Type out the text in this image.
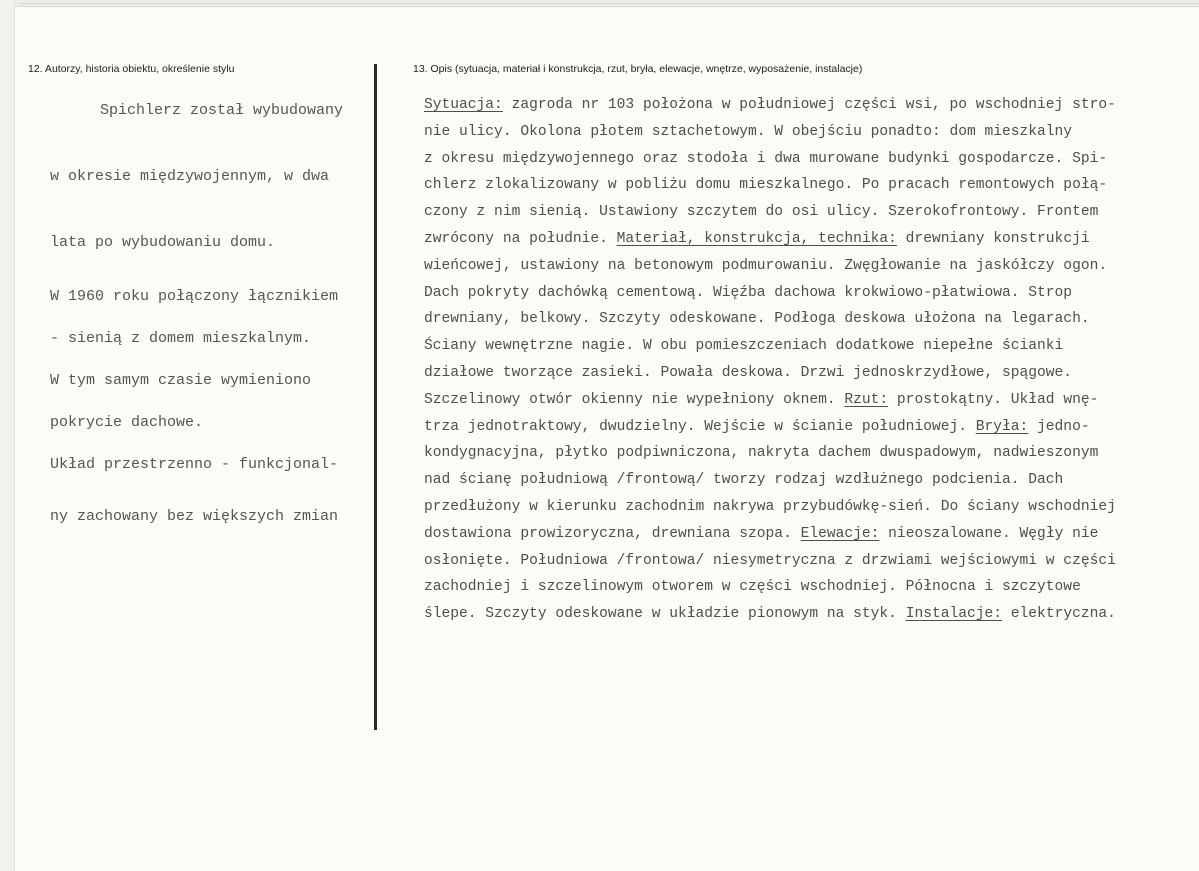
12. Autorzy, historia obiektu, określenie stylu	13. Opis (sytuacja, materiał i konstrukcja, rzut, bryła, elewacje, wnętrze, wyposażenie, instalacje)
Spichlerz został wybudowany
w okresie międzywojennym, w dwa
lata po wybudowaniu domu.
W 1960 roku połączony łącznikiem
- sienią z domem mieszkalnym.
W tym samym czasie wymieniono
pokrycie dachowe.
Układ przestrzenno - funkcjonal-
ny zachowany bez większych zmian
Sytuacja: zagroda nr 103 położona w południowej części wsi, po wschodniej stro-
nie ulicy. Okolona płotem sztachetowym. W obejściu ponadto: dom mieszkalny
z okresu międzywojennego oraz stodoła i dwa murowane budynki gospodarcze. Spi-
chlerz zlokalizowany w pobliżu domu mieszkalnego. Po pracach remontowych połą-
czony z nim sienią. Ustawiony szczytem do osi ulicy. Szerokofrontowy. Frontem
zwrócony na południe. Materiał, konstrukcja, technika: drewniany konstrukcji
wieńcowej, ustawiony na betonowym podmurowaniu. Zwęgłowanie na jaskółczy ogon.
Dach pokryty dachówką cementową. Więźba dachowa krokwiowo-płatwiowa. Strop
drewniany, belkowy. Szczyty odeskowane. Podłoga deskowa ułożona na legarach.
Ściany wewnętrzne nagie. W obu pomieszczeniach dodatkowe niepełne ścianki
działowe tworzące zasieki. Powała deskowa. Drzwi jednoskrzydłowe, spągowe.
Szczelinowy otwór okienny nie wypełniony oknem. Rzut: prostokątny. Układ wnę-
trza jednotraktowy, dwudzielny. Wejście w ścianie południowej. Bryła: jedno-
kondygnacyjna, płytko podpiwniczona, nakryta dachem dwuspadowym, nadwieszonym
nad ścianę południową /frontową/ tworzy rodzaj wzdłużnego podcienia. Dach
przedłużony w kierunku zachodnim nakrywa przybudówkę-sień. Do ściany wschodniej
dostawiona prowizoryczna, drewniana szopa. Elewacje: nieoszalowane. Węgły nie
osłonięte. Południowa /frontowa/ niesymetryczna z drzwiami wejściowymi w części
zachodniej i szczelinowym otworem w części wschodniej. Północna i szczytowe
ślepe. Szczyty odeskowane w układzie pionowym na styk. Instalacje: elektryczna.
